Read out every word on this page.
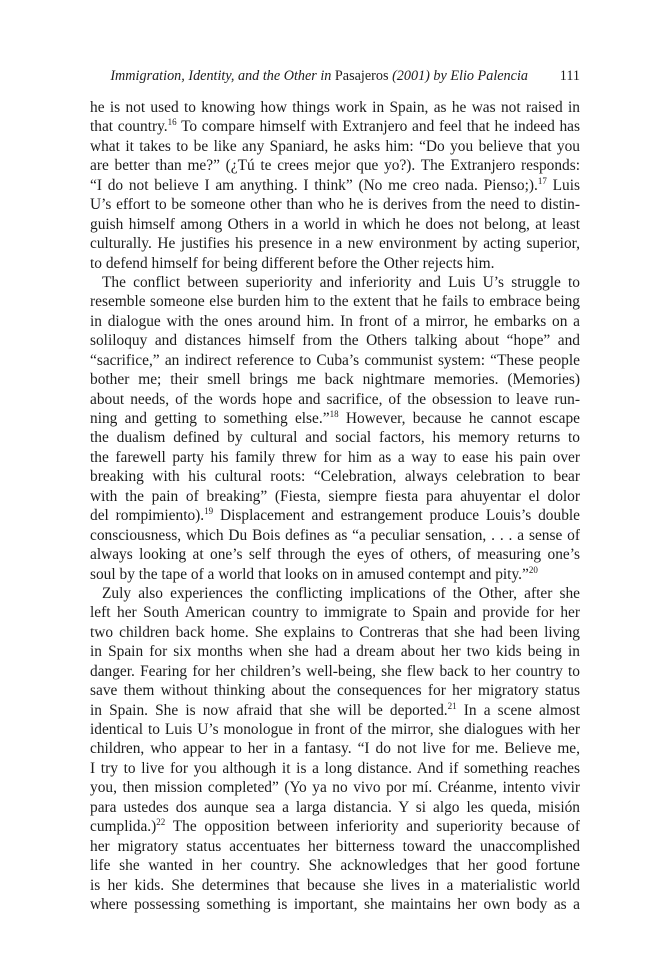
Immigration, Identity, and the Other in Pasajeros (2001) by Elio Palencia 111
he is not used to knowing how things work in Spain, as he was not raised in
that country.$^{16}$ To compare himself with Extranjero and feel that he indeed has
what it takes to be like any Spaniard, he asks him: “Do you believe that you
are better than me?” (¿Tú te crees mejor que yo?). The Extranjero responds:
“I do not believe I am anything. I think” (No me creo nada. Pienso;).$^{17}$ Luis
U’s effort to be someone other than who he is derives from the need to distin-
guish himself among Others in a world in which he does not belong, at least
culturally. He justifies his presence in a new environment by acting superior,
to defend himself for being different before the Other rejects him.
The conflict between superiority and inferiority and Luis U’s struggle to
resemble someone else burden him to the extent that he fails to embrace being
in dialogue with the ones around him. In front of a mirror, he embarks on a
soliloquy and distances himself from the Others talking about “hope” and
“sacrifice,” an indirect reference to Cuba’s communist system: “These people
bother me; their smell brings me back nightmare memories. (Memories)
about needs, of the words hope and sacrifice, of the obsession to leave run-
ning and getting to something else.”$^{18}$ However, because he cannot escape
the dualism defined by cultural and social factors, his memory returns to
the farewell party his family threw for him as a way to ease his pain over
breaking with his cultural roots: “Celebration, always celebration to bear
with the pain of breaking” (Fiesta, siempre fiesta para ahuyentar el dolor
del rompimiento).$^{19}$ Displacement and estrangement produce Louis’s double
consciousness, which Du Bois defines as “a peculiar sensation, . . . a sense of
always looking at one’s self through the eyes of others, of measuring one’s
soul by the tape of a world that looks on in amused contempt and pity.”$^{20}$
Zuly also experiences the conflicting implications of the Other, after she
left her South American country to immigrate to Spain and provide for her
two children back home. She explains to Contreras that she had been living
in Spain for six months when she had a dream about her two kids being in
danger. Fearing for her children’s well-being, she flew back to her country to
save them without thinking about the consequences for her migratory status
in Spain. She is now afraid that she will be deported.$^{21}$ In a scene almost
identical to Luis U’s monologue in front of the mirror, she dialogues with her
children, who appear to her in a fantasy. “I do not live for me. Believe me,
I try to live for you although it is a long distance. And if something reaches
you, then mission completed” (Yo ya no vivo por mí. Créanme, intento vivir
para ustedes dos aunque sea a larga distancia. Y si algo les queda, misión
cumplida.)$^{22}$ The opposition between inferiority and superiority because of
her migratory status accentuates her bitterness toward the unaccomplished
life she wanted in her country. She acknowledges that her good fortune
is her kids. She determines that because she lives in a materialistic world
where possessing something is important, she maintains her own body as a
